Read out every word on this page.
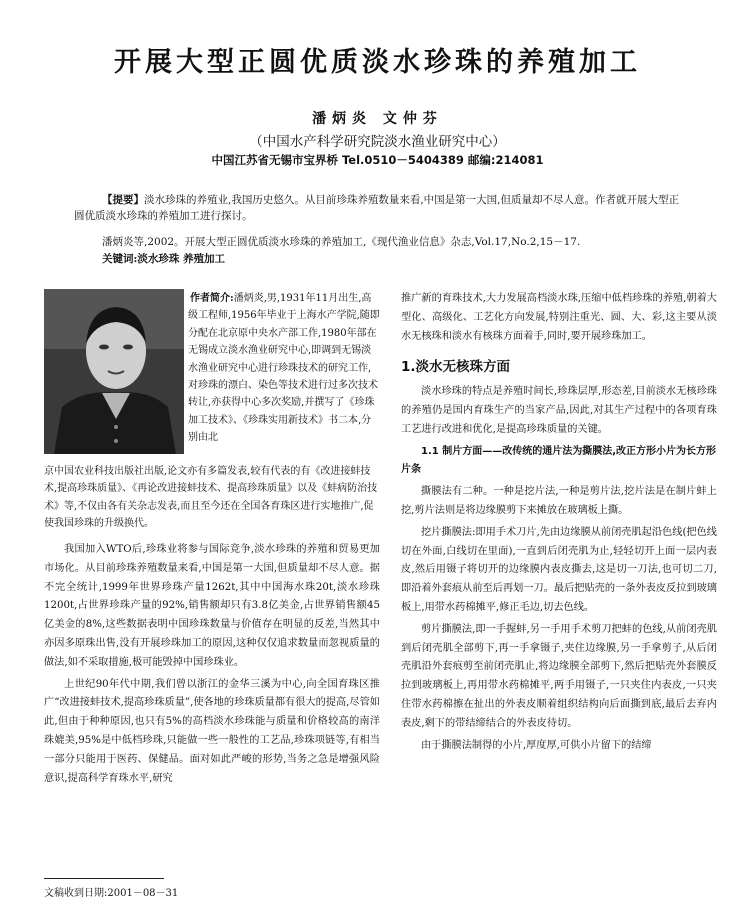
开展大型正圆优质淡水珍珠的养殖加工
潘炳炎 文仲芬
（中国水产科学研究院淡水渔业研究中心）
中国江苏省无锡市宝界桥 Tel.0510－5404389 邮编:214081
【提要】淡水珍珠的养殖业,我国历史悠久。从目前珍珠养殖数量来看,中国是第一大国,但质量却不尽人意。作者就开展大型正圆优质淡水珍珠的养殖加工进行探讨。
潘炳炎等,2002。开展大型正圆优质淡水珍珠的养殖加工,《现代渔业信息》杂志,Vol.17,No.2,15－17.
关键词:淡水珍珠 养殖加工
作者简介:潘炳炎,男,1931年11月出生,高级工程师,1956年毕业于上海水产学院,随即分配在北京原中央水产部工作,1980年部在无锡成立淡水渔业研究中心,即调到无锡淡水渔业研究中心进行珍珠技术的研究工作,对珍珠的漂白、染色等技术进行过多次技术转让,亦获得中心多次奖励,并撰写了《珍珠加工技术》、《珍珠实用新技术》书二本,分别由北
京中国农业科技出版社出版,论文亦有多篇发表,较有代表的有《改进接蚌技术,提高珍珠质量》、《再论改进接蚌技术、提高珍珠质量》以及《蚌病防治技术》等,不仅由各有关杂志发表,而且至今还在全国各育珠区进行实地推广,促使我国珍珠的升级换代。

我国加入WTO后,珍珠业将参与国际竞争,淡水珍珠的养殖和贸易更加市场化。从目前珍珠养殖数量来看,中国是第一大国,但质量却不尽人意。据不完全统计,1999年世界珍珠产量1262t,其中中国海水珠20t,淡水珍珠1200t,占世界珍珠产量的92%,销售额却只有3.8亿美金,占世界销售额45亿美金的8%,这些数据表明中国珍珠数量与价值存在明显的反差,当然其中亦因多原珠出售,没有开展珍珠加工的原因,这种仅仅追求数量而忽视质量的做法,如不采取措施,极可能毁掉中国珍珠业。

上世纪90年代中期,我们曾以浙江的金华三溪为中心,向全国育珠区推广“改进接蚌技术,提高珍珠质量”,使各地的珍珠质量都有很大的提高,尽管如此,但由于种种原因,也只有5%的高档淡水珍珠能与质量和价格较高的南洋珠媲美,95%是中低档珍珠,只能做一些一般性的工艺品,珍珠项链等,有相当一部分只能用于医药、保健品。面对如此严峻的形势,当务之急是增强风险意识,提高科学育珠水平,研究

推广新的育珠技术,大力发展高档淡水珠,压缩中低档珍珠的养殖,朝着大型化、高级化、工艺化方向发展,特别注重光、圆、大、彩,这主要从淡水无核珠和淡水有核珠方面着手,同时,要开展珍珠加工。

1.淡水无核珠方面

淡水珍珠的特点是养殖时间长,珍珠层厚,形态差,目前淡水无核珍珠的养殖仍是国内育珠生产的当家产品,因此,对其生产过程中的各项育珠工艺进行改进和优化,是提高珍珠质量的关键。

1.1 制片方面——改传统的通片法为撕膜法,改正方形小片为长方形片条

撕膜法有二种。一种是挖片法,一种是剪片法,挖片法是在制片蚌上挖,剪片法则是将边缘膜剪下来摊放在玻璃板上撕。

挖片撕膜法:即用手术刀片,先由边缘膜从前闭壳肌起沿色线(把色线切在外面,白线切在里面),一直到后闭壳肌为止,轻轻切开上面一层内表皮,然后用镊子将切开的边缘膜内表皮撕去,这是切一刀法,也可切二刀,即沿着外套痕从前至后再划一刀。最后把贴壳的一条外表皮反拉到玻璃板上,用带水药棉摊平,修正毛边,切去色线。

剪片撕膜法,即一手握蚌,另一手用手术剪刀把蚌的色线,从前闭壳肌到后闭壳肌全部剪下,再一手拿镊子,夹住边缘膜,另一手拿剪子,从后闭壳肌沿外套痕剪至前闭壳肌止,将边缘膜全部剪下,然后把贴壳外套膜反拉到玻璃板上,再用带水药棉摊平,两手用镊子,一只夹住内表皮,一只夹住带水药棉擦在扯出的外表皮顺着组织结构向后面撕到底,最后去弃内表皮,剩下的带结缔结合的外表皮待切。

由于撕膜法制得的小片,厚度厚,可供小片留下的结缔

文稿收到日期:2001－08－31
